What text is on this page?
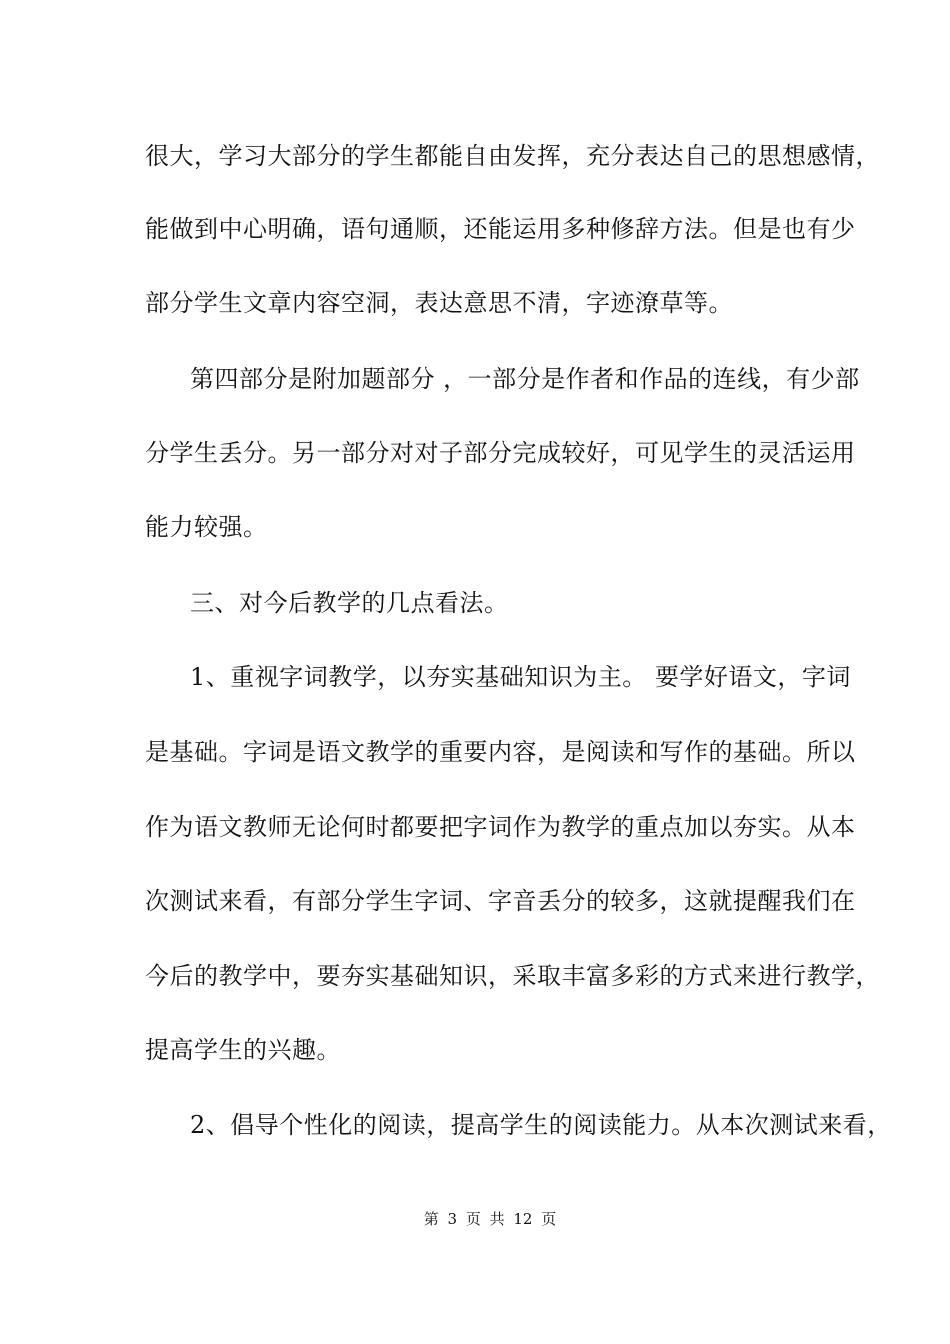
很大，学习大部分的学生都能自由发挥，充分表达自己的思想感情，
能做到中心明确，语句通顺，还能运用多种修辞方法。但是也有少
部分学生文章内容空洞，表达意思不清，字迹潦草等。
第四部分是附加题部分 ，一部分是作者和作品的连线，有少部
分学生丢分。另一部分对对子部分完成较好，可见学生的灵活运用
能力较强。
三、对今后教学的几点看法。
1、重视字词教学，以夯实基础知识为主。 要学好语文，字词
是基础。字词是语文教学的重要内容，是阅读和写作的基础。所以
作为语文教师无论何时都要把字词作为教学的重点加以夯实。从本
次测试来看，有部分学生字词、字音丢分的较多，这就提醒我们在
今后的教学中，要夯实基础知识，采取丰富多彩的方式来进行教学，
提高学生的兴趣。
2、倡导个性化的阅读，提高学生的阅读能力。从本次测试来看，
第 3 页 共 12 页
